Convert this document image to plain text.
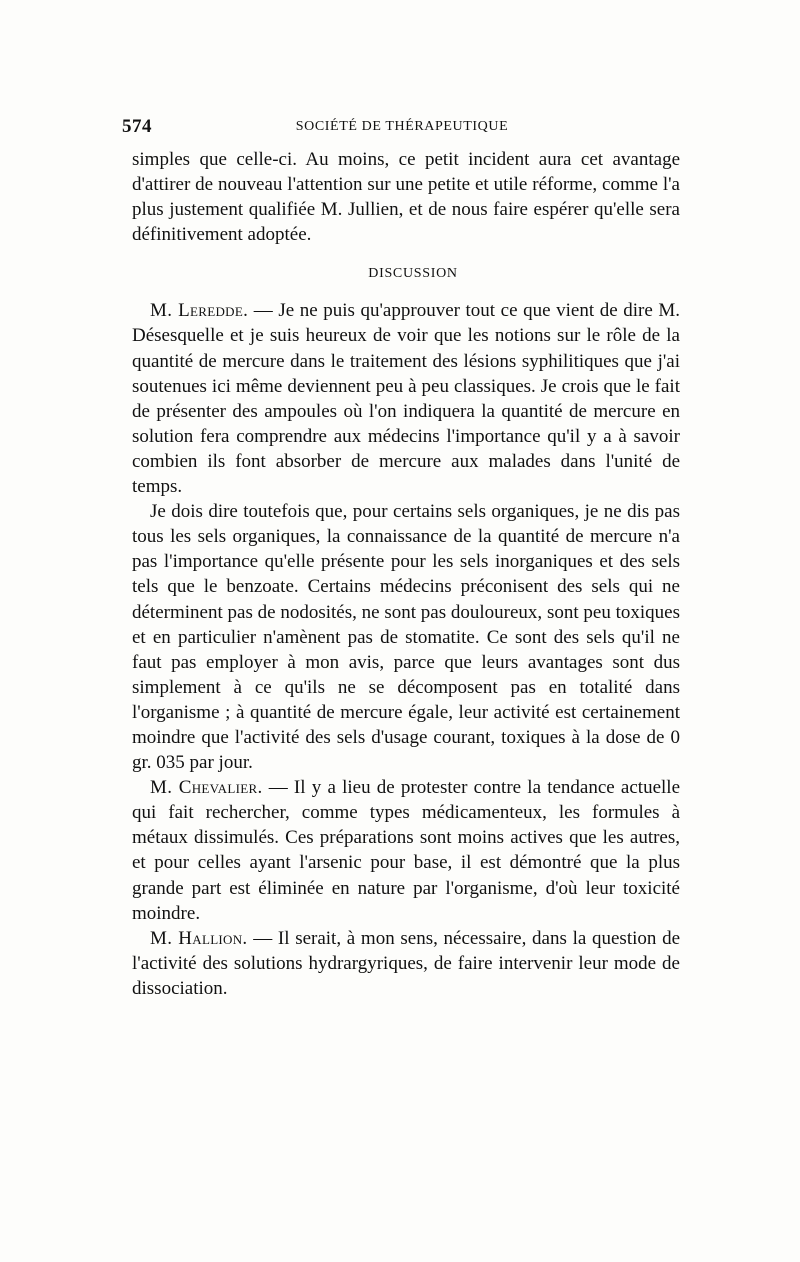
574	SOCIÉTÉ DE THÉRAPEUTIQUE

simples que celle-ci. Au moins, ce petit incident aura cet avantage d'attirer de nouveau l'attention sur une petite et utile réforme, comme l'a plus justement qualifiée M. Jullien, et de nous faire espérer qu'elle sera définitivement adoptée.

DISCUSSION

M. Leredde. — Je ne puis qu'approuver tout ce que vient de dire M. Désesquelle et je suis heureux de voir que les notions sur le rôle de la quantité de mercure dans le traitement des lésions syphilitiques que j'ai soutenues ici même deviennent peu à peu classiques. Je crois que le fait de présenter des ampoules où l'on indiquera la quantité de mercure en solution fera comprendre aux médecins l'importance qu'il y a à savoir combien ils font absorber de mercure aux malades dans l'unité de temps.

Je dois dire toutefois que, pour certains sels organiques, je ne dis pas tous les sels organiques, la connaissance de la quantité de mercure n'a pas l'importance qu'elle présente pour les sels inorganiques et des sels tels que le benzoate. Certains médecins préconisent des sels qui ne déterminent pas de nodosités, ne sont pas douloureux, sont peu toxiques et en particulier n'amènent pas de stomatite. Ce sont des sels qu'il ne faut pas employer à mon avis, parce que leurs avantages sont dus simplement à ce qu'ils ne se décomposent pas en totalité dans l'organisme ; à quantité de mercure égale, leur activité est certainement moindre que l'activité des sels d'usage courant, toxiques à la dose de 0 gr. 035 par jour.

M. Chevalier. — Il y a lieu de protester contre la tendance actuelle qui fait rechercher, comme types médicamenteux, les formules à métaux dissimulés. Ces préparations sont moins actives que les autres, et pour celles ayant l'arsenic pour base, il est démontré que la plus grande part est éliminée en nature par l'organisme, d'où leur toxicité moindre.

M. Hallion. — Il serait, à mon sens, nécessaire, dans la question de l'activité des solutions hydrargyriques, de faire intervenir leur mode de dissociation.
